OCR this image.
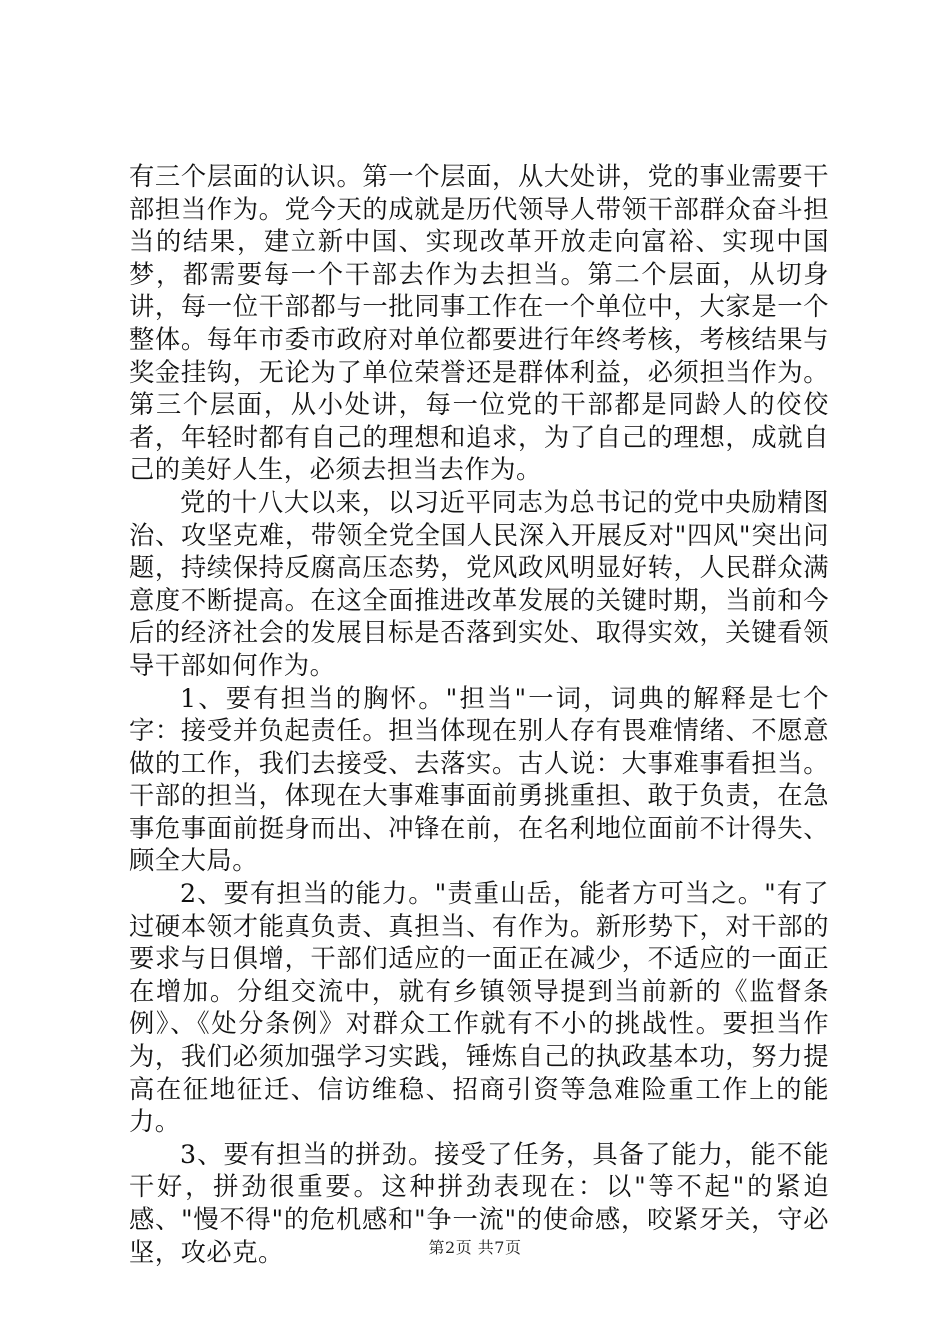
有三个层面的认识。第一个层面，从大处讲，党的事业需要干部担当作为。党今天的成就是历代领导人带领干部群众奋斗担当的结果，建立新中国、实现改革开放走向富裕、实现中国梦，都需要每一个干部去作为去担当。第二个层面，从切身讲，每一位干部都与一批同事工作在一个单位中，大家是一个整体。每年市委市政府对单位都要进行年终考核，考核结果与奖金挂钩，无论为了单位荣誉还是群体利益，必须担当作为。第三个层面，从小处讲，每一位党的干部都是同龄人的佼佼者，年轻时都有自己的理想和追求，为了自己的理想，成就自己的美好人生，必须去担当去作为。

党的十八大以来，以习近平同志为总书记的党中央励精图治、攻坚克难，带领全党全国人民深入开展反对"四风"突出问题，持续保持反腐高压态势，党风政风明显好转，人民群众满意度不断提高。在这全面推进改革发展的关键时期，当前和今后的经济社会的发展目标是否落到实处、取得实效，关键看领导干部如何作为。

1、要有担当的胸怀。"担当"一词，词典的解释是七个字：接受并负起责任。担当体现在别人存有畏难情绪、不愿意做的工作，我们去接受、去落实。古人说：大事难事看担当。干部的担当，体现在大事难事面前勇挑重担、敢于负责，在急事危事面前挺身而出、冲锋在前，在名利地位面前不计得失、顾全大局。

2、要有担当的能力。"责重山岳，能者方可当之。"有了过硬本领才能真负责、真担当、有作为。新形势下，对干部的要求与日俱增，干部们适应的一面正在减少，不适应的一面正在增加。分组交流中，就有乡镇领导提到当前新的《监督条例》、《处分条例》对群众工作就有不小的挑战性。要担当作为，我们必须加强学习实践，锤炼自己的执政基本功，努力提高在征地征迁、信访维稳、招商引资等急难险重工作上的能力。

3、要有担当的拼劲。接受了任务，具备了能力，能不能干好，拼劲很重要。这种拼劲表现在：以"等不起"的紧迫感、"慢不得"的危机感和"争一流"的使命感，咬紧牙关，守必坚，攻必克。	第2页 共7页
